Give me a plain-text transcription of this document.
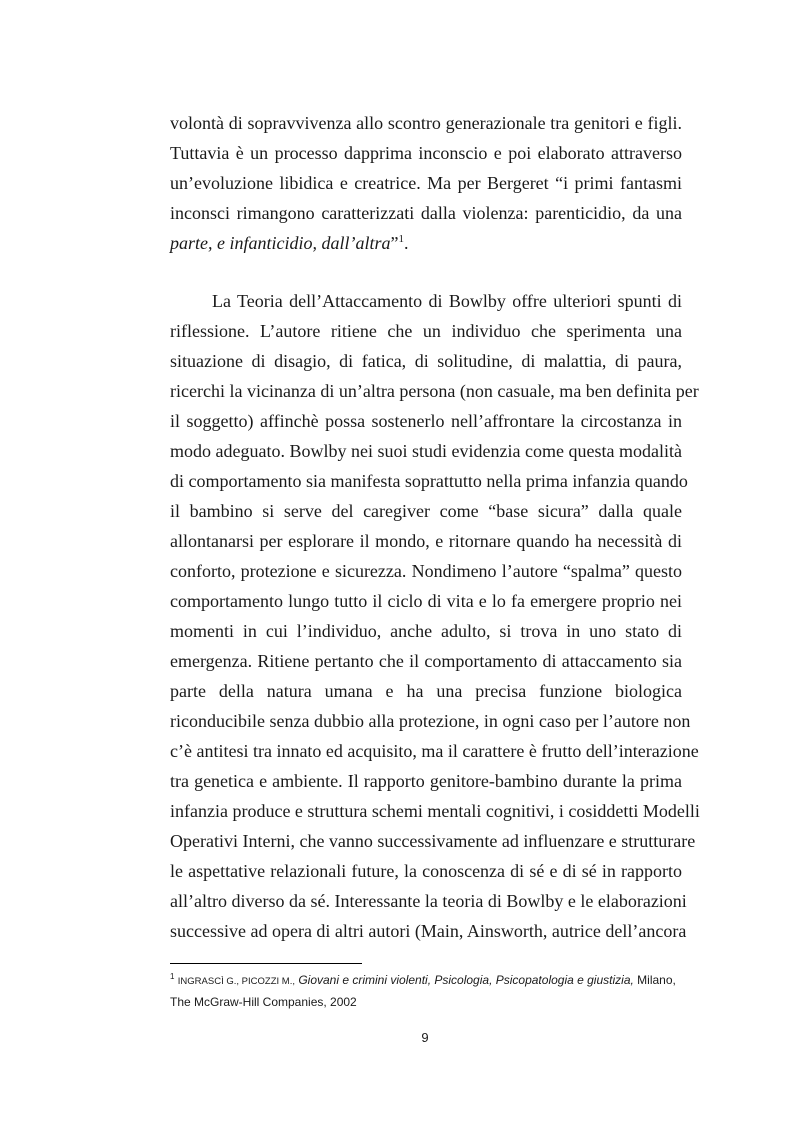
volontà di sopravvivenza allo scontro generazionale tra genitori e figli.
Tuttavia è un processo dapprima inconscio e poi elaborato attraverso
un’evoluzione libidica e creatrice. Ma per Bergeret “i primi fantasmi
inconsci rimangono caratterizzati dalla violenza: parenticidio, da una
parte, e infanticidio, dall’altra”$^1$.

La Teoria dell’Attaccamento di Bowlby offre ulteriori spunti di
riflessione. L’autore ritiene che un individuo che sperimenta una
situazione di disagio, di fatica, di solitudine, di malattia, di paura,
ricerchi la vicinanza di un’altra persona (non casuale, ma ben definita per
il soggetto) affinchè possa sostenerlo nell’affrontare la circostanza in
modo adeguato. Bowlby nei suoi studi evidenzia come questa modalità
di comportamento sia manifesta soprattutto nella prima infanzia quando
il bambino si serve del caregiver come “base sicura” dalla quale
allontanarsi per esplorare il mondo, e ritornare quando ha necessità di
conforto, protezione e sicurezza. Nondimeno l’autore “spalma” questo
comportamento lungo tutto il ciclo di vita e lo fa emergere proprio nei
momenti in cui l’individuo, anche adulto, si trova in uno stato di
emergenza. Ritiene pertanto che il comportamento di attaccamento sia
parte della natura umana e ha una precisa funzione biologica
riconducibile senza dubbio alla protezione, in ogni caso per l’autore non
c’è antitesi tra innato ed acquisito, ma il carattere è frutto dell’interazione
tra genetica e ambiente. Il rapporto genitore-bambino durante la prima
infanzia produce e struttura schemi mentali cognitivi, i cosiddetti Modelli
Operativi Interni, che vanno successivamente ad influenzare e strutturare
le aspettative relazionali future, la conoscenza di sé e di sé in rapporto
all’altro diverso da sé. Interessante la teoria di Bowlby e le elaborazioni
successive ad opera di altri autori (Main, Ainsworth, autrice dell’ancora

$^1$ INGRASCÌ G., PICOZZI M., Giovani e crimini violenti, Psicologia, Psicopatologia e giustizia, Milano,
The McGraw-Hill Companies, 2002
9
